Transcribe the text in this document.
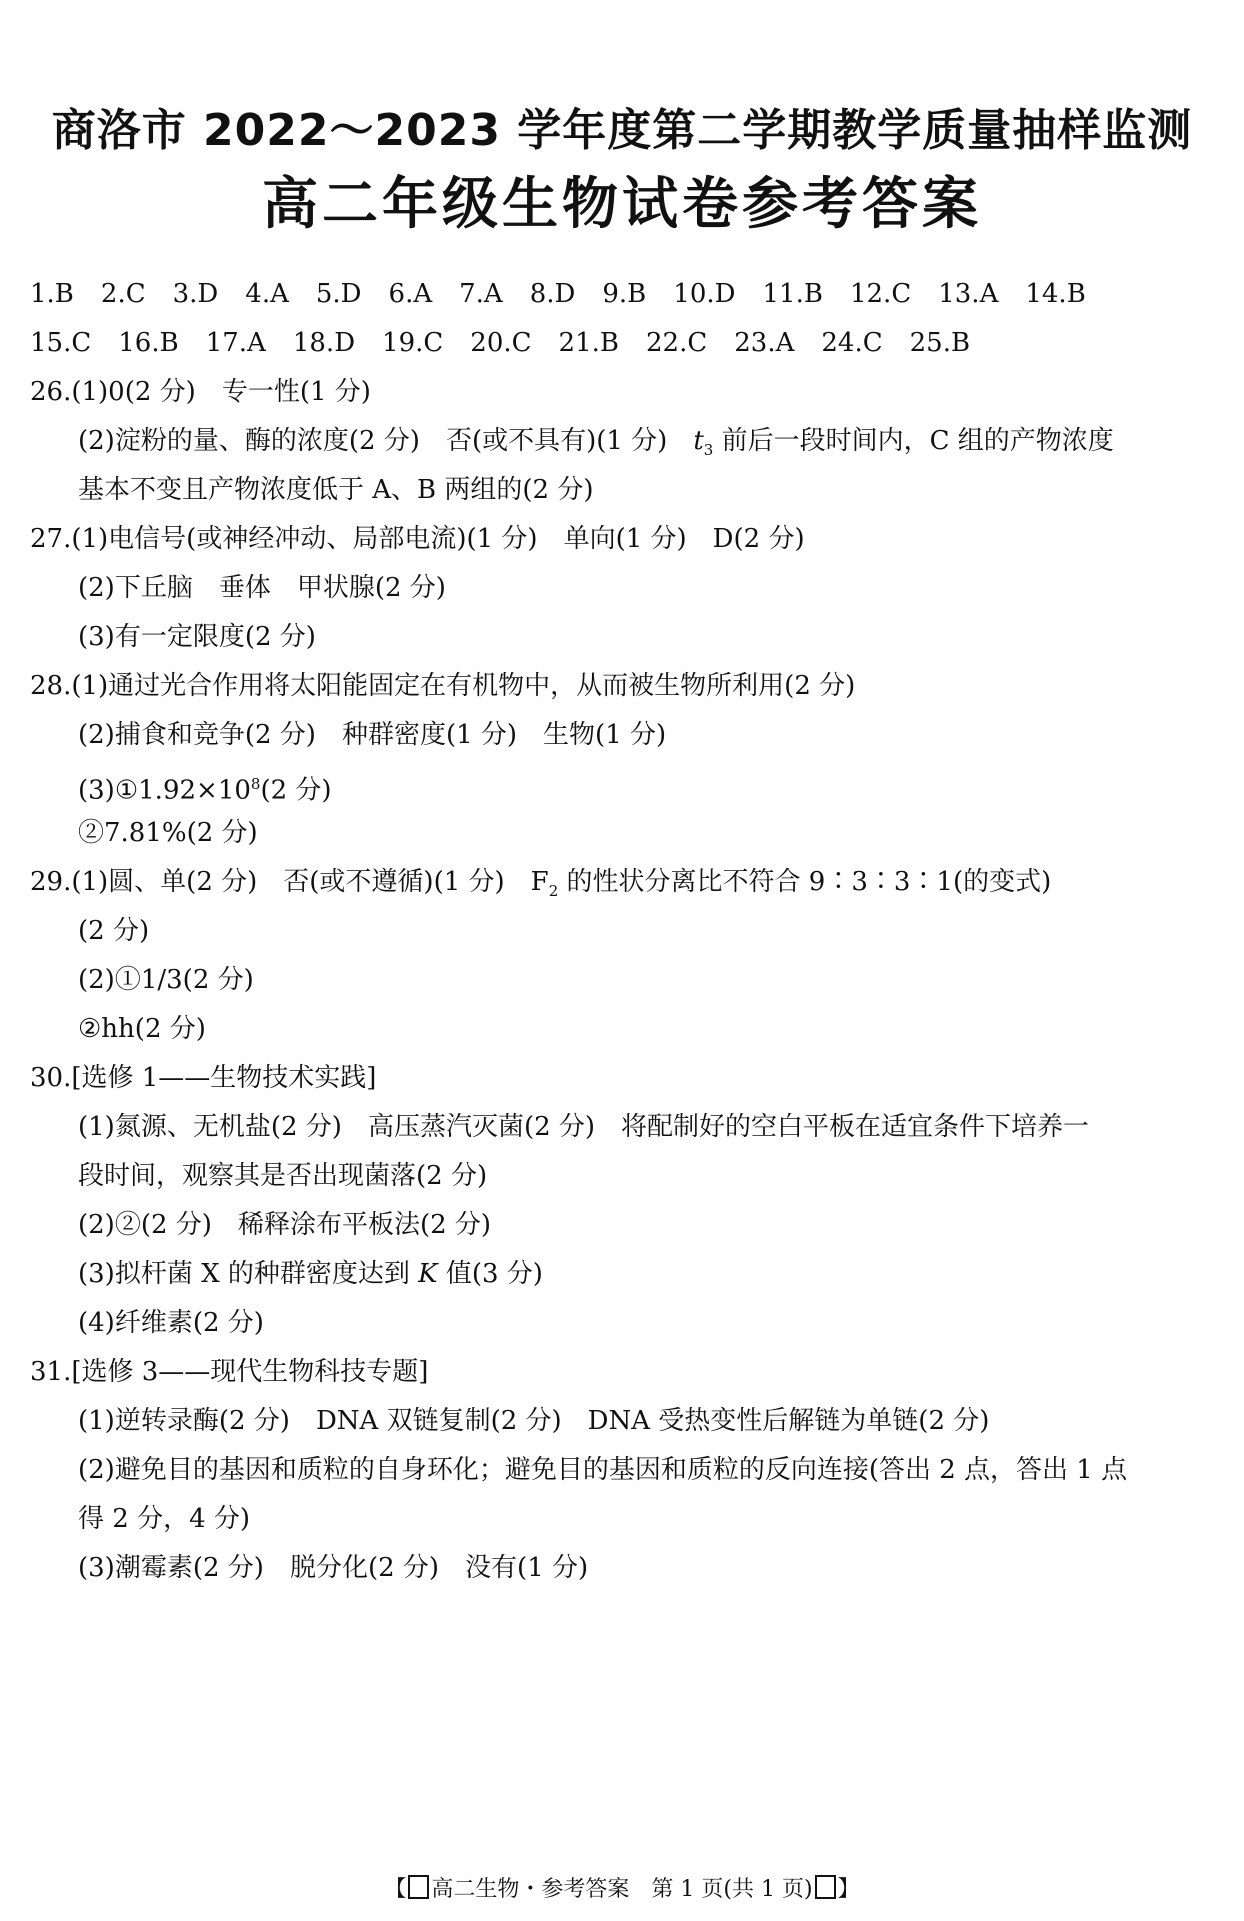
商洛市 2022～2023 学年度第二学期教学质量抽样监测
高二年级生物试卷参考答案
1.B 2.C 3.D 4.A 5.D 6.A 7.A 8.D 9.B 10.D 11.B 12.C 13.A 14.B
15.C 16.B 17.A 18.D 19.C 20.C 21.B 22.C 23.A 24.C 25.B
26.(1)0(2 分) 专一性(1 分)
(2)淀粉的量、酶的浓度(2 分) 否(或不具有)(1 分) $t_3$ 前后一段时间内，C 组的产物浓度
基本不变且产物浓度低于 A、B 两组的(2 分)
27.(1)电信号(或神经冲动、局部电流)(1 分) 单向(1 分) D(2 分)
(2)下丘脑 垂体 甲状腺(2 分)
(3)有一定限度(2 分)
28.(1)通过光合作用将太阳能固定在有机物中，从而被生物所利用(2 分)
(2)捕食和竞争(2 分) 种群密度(1 分) 生物(1 分)
$(3)①1.92\times 10^8(2$ 分)
②7.81%(2 分)
29.(1)圆、单(2 分) 否(或不遵循)(1 分) $F_2$ 的性状分离比不符合 9∶3∶3∶1(的变式)
(2 分)
(2)①1/3(2 分)
②hh(2 分)
30.[选修 1——生物技术实践]
(1)氮源、无机盐(2 分) 高压蒸汽灭菌(2 分) 将配制好的空白平板在适宜条件下培养一
段时间，观察其是否出现菌落(2 分)
(2)②(2 分) 稀释涂布平板法(2 分)
(3)拟杆菌 X 的种群密度达到 K 值(3 分)
(4)纤维素(2 分)
31.[选修 3——现代生物科技专题]
(1)逆转录酶(2 分) DNA 双链复制(2 分) DNA 受热变性后解链为单链(2 分)
(2)避免目的基因和质粒的自身环化；避免目的基因和质粒的反向连接(答出 2 点，答出 1 点
得 2 分，4 分)
(3)潮霉素(2 分) 脱分化(2 分) 没有(1 分)
【 高二生物・参考答案　第 1 页(共 1 页) 】
